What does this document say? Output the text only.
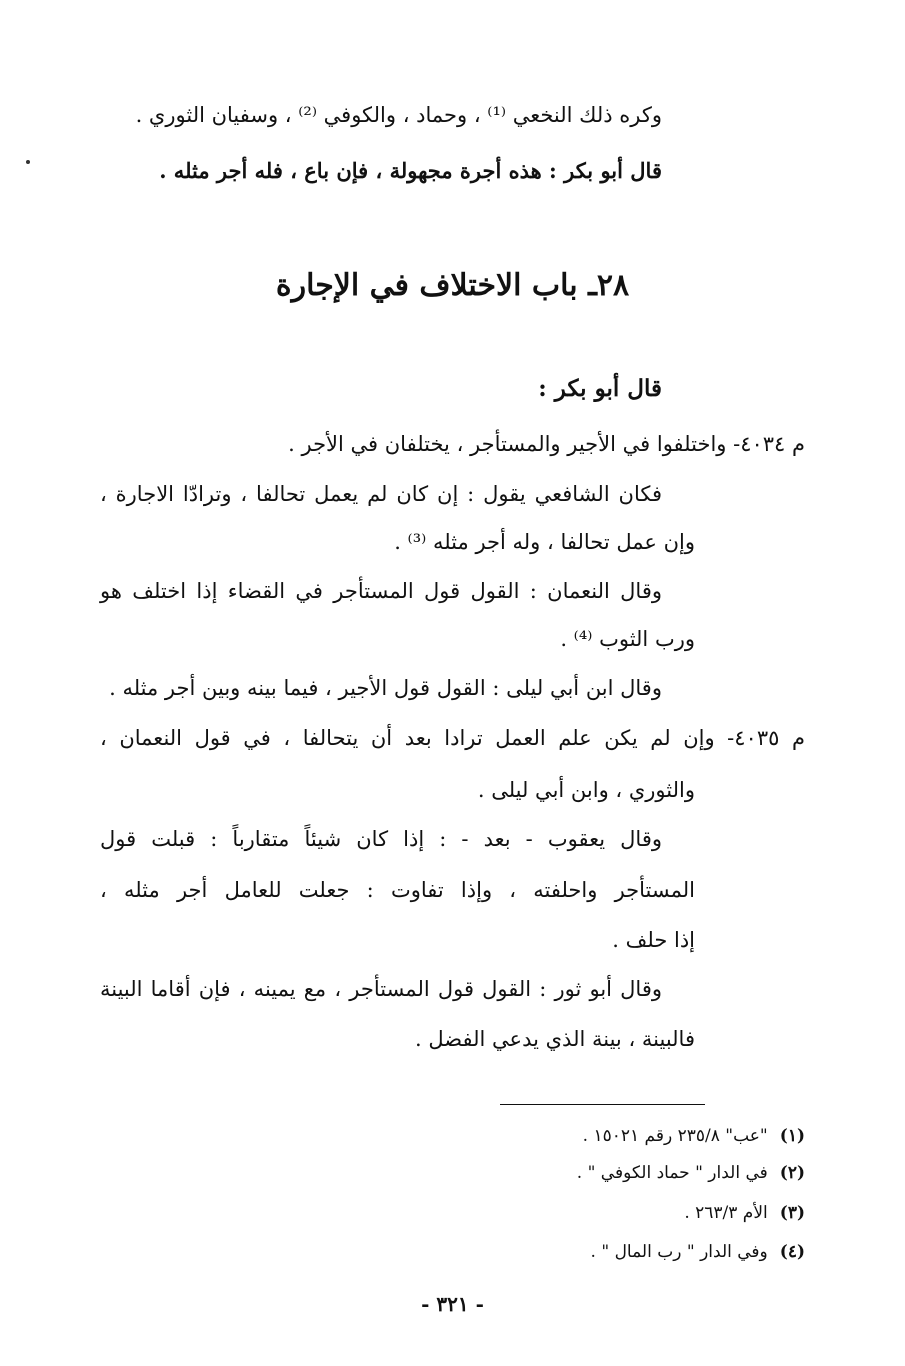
وكره ذلك النخعي ⁽¹⁾ ، وحماد ، والكوفي ⁽²⁾ ، وسفيان الثوري .
قال أبو بكر : هذه أجرة مجهولة ، فإن باع ، فله أجر مثله .
٢٨ـ باب الاختلاف في الإجارة
قال أبو بكر :
م ٤٠٣٤- واختلفوا في الأجير والمستأجر ، يختلفان في الأجر .
فكان الشافعي يقول : إن كان لم يعمل تحالفا ، وترادّا الاجارة ،
وإن عمل تحالفا ، وله أجر مثله ⁽³⁾ .
وقال النعمان : القول قول المستأجر في القضاء إذا اختلف هو
ورب الثوب ⁽⁴⁾ .
وقال ابن أبي ليلى : القول قول الأجير ، فيما بينه وبين أجر مثله .
م ٤٠٣٥- وإن لم يكن علم العمل ترادا بعد أن يتحالفا ، في قول النعمان ،
والثوري ، وابن أبي ليلى .
وقال يعقوب - بعد - : إذا كان شيئاً متقارباً : قبلت قول
المستأجر واحلفته ، وإذا تفاوت : جعلت للعامل أجر مثله ،
إذا حلف .
وقال أبو ثور : القول قول المستأجر ، مع يمينه ، فإن أقاما البينة
فالبينة ، بينة الذي يدعي الفضل .
(١)"عب" ٢٣٥/٨ رقم ١٥٠٢١ .
(٢)في الدار " حماد الكوفي " .
(٣)الأم ٢٦٣/٣ .
(٤)وفي الدار " رب المال " .
- ٣٢١ -
